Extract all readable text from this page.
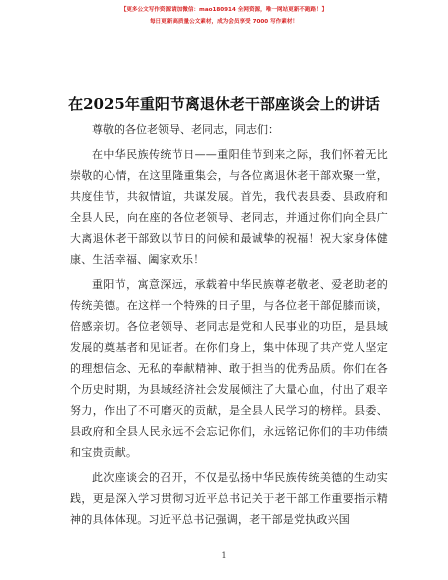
【更多公文写作资源请加微信：mao180914 全网资源，唯一网站更新不跑路！】
每日更新高质量公文素材，成为会员享受 7000 写作素材！
在2025年重阳节离退休老干部座谈会上的讲话

尊敬的各位老领导、老同志，同志们：

在中华民族传统节日——重阳佳节到来之际，我们怀着无比崇敬的心情，在这里隆重集会，与各位离退休老干部欢聚一堂，共度佳节，共叙情谊，共谋发展。首先，我代表县委、县政府和全县人民，向在座的各位老领导、老同志，并通过你们向全县广大离退休老干部致以节日的问候和最诚挚的祝福！祝大家身体健康、生活幸福、阖家欢乐！

重阳节，寓意深远，承载着中华民族尊老敬老、爱老助老的传统美德。在这样一个特殊的日子里，与各位老干部促膝而谈，倍感亲切。各位老领导、老同志是党和人民事业的功臣，是县域发展的奠基者和见证者。在你们身上，集中体现了共产党人坚定的理想信念、无私的奉献精神、敢于担当的优秀品质。你们在各个历史时期，为县域经济社会发展倾注了大量心血，付出了艰辛努力，作出了不可磨灭的贡献，是全县人民学习的榜样。县委、县政府和全县人民永远不会忘记你们，永远铭记你们的丰功伟绩和宝贵贡献。

此次座谈会的召开，不仅是弘扬中华民族传统美德的生动实践，更是深入学习贯彻习近平总书记关于老干部工作重要指示精神的具体体现。习近平总书记强调，老干部是党执政兴国

1
